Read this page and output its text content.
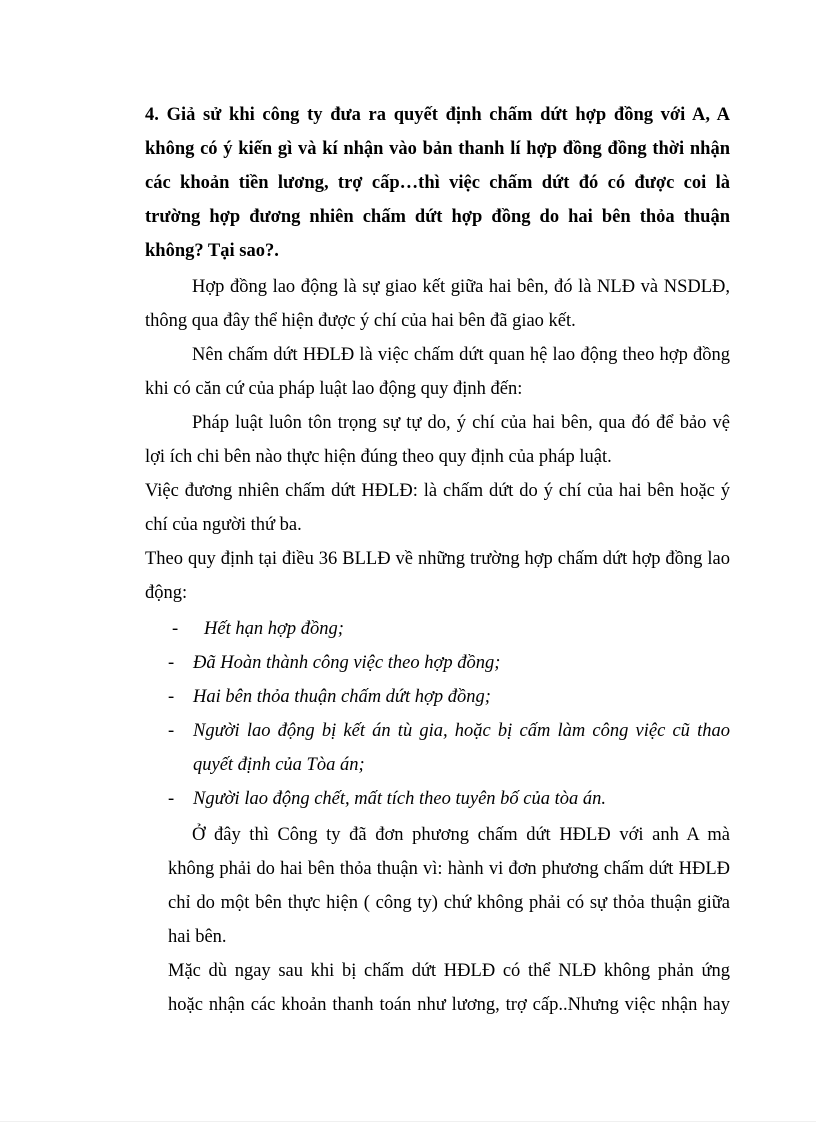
4. Giả sử khi công ty đưa ra quyết định chấm dứt hợp đồng với A, A
không có ý kiến gì và kí nhận vào bản thanh lí hợp đồng đồng thời nhận
các khoản tiền lương, trợ cấp…thì việc chấm dứt đó có được coi là
trường hợp đương nhiên chấm dứt hợp đồng do hai bên thỏa thuận
không? Tại sao?.
Hợp đồng lao động là sự giao kết giữa hai bên, đó là NLĐ và NSDLĐ,
thông qua đây thể hiện được ý chí của hai bên đã giao kết.
Nên chấm dứt HĐLĐ là việc chấm dứt quan hệ lao động theo hợp đồng
khi có căn cứ của pháp luật lao động quy định đến:
Pháp luật luôn tôn trọng sự tự do, ý chí của hai bên, qua đó để bảo vệ
lợi ích chi bên nào thực hiện đúng theo quy định của pháp luật.
Việc đương nhiên chấm dứt HĐLĐ: là chấm dứt do ý chí của hai bên hoặc ý
chí của người thứ ba.
Theo quy định tại điều 36 BLLĐ về những trường hợp chấm dứt hợp đồng lao
động:
- Hết hạn hợp đồng;
- Đã Hoàn thành công việc theo hợp đồng;
- Hai bên thỏa thuận chấm dứt hợp đồng;
- Người lao động bị kết án tù gia, hoặc bị cấm làm công việc cũ thao
quyết định của Tòa án;
- Người lao động chết, mất tích theo tuyên bố của tòa án.
Ở đây thì Công ty đã đơn phương chấm dứt HĐLĐ với anh A mà
không phải do hai bên thỏa thuận vì: hành vi đơn phương chấm dứt HĐLĐ
chỉ do một bên thực hiện ( công ty) chứ không phải có sự thỏa thuận giữa
hai bên.
Mặc dù ngay sau khi bị chấm dứt HĐLĐ có thể NLĐ không phản ứng
hoặc nhận các khoản thanh toán như lương, trợ cấp..Nhưng việc nhận hay
